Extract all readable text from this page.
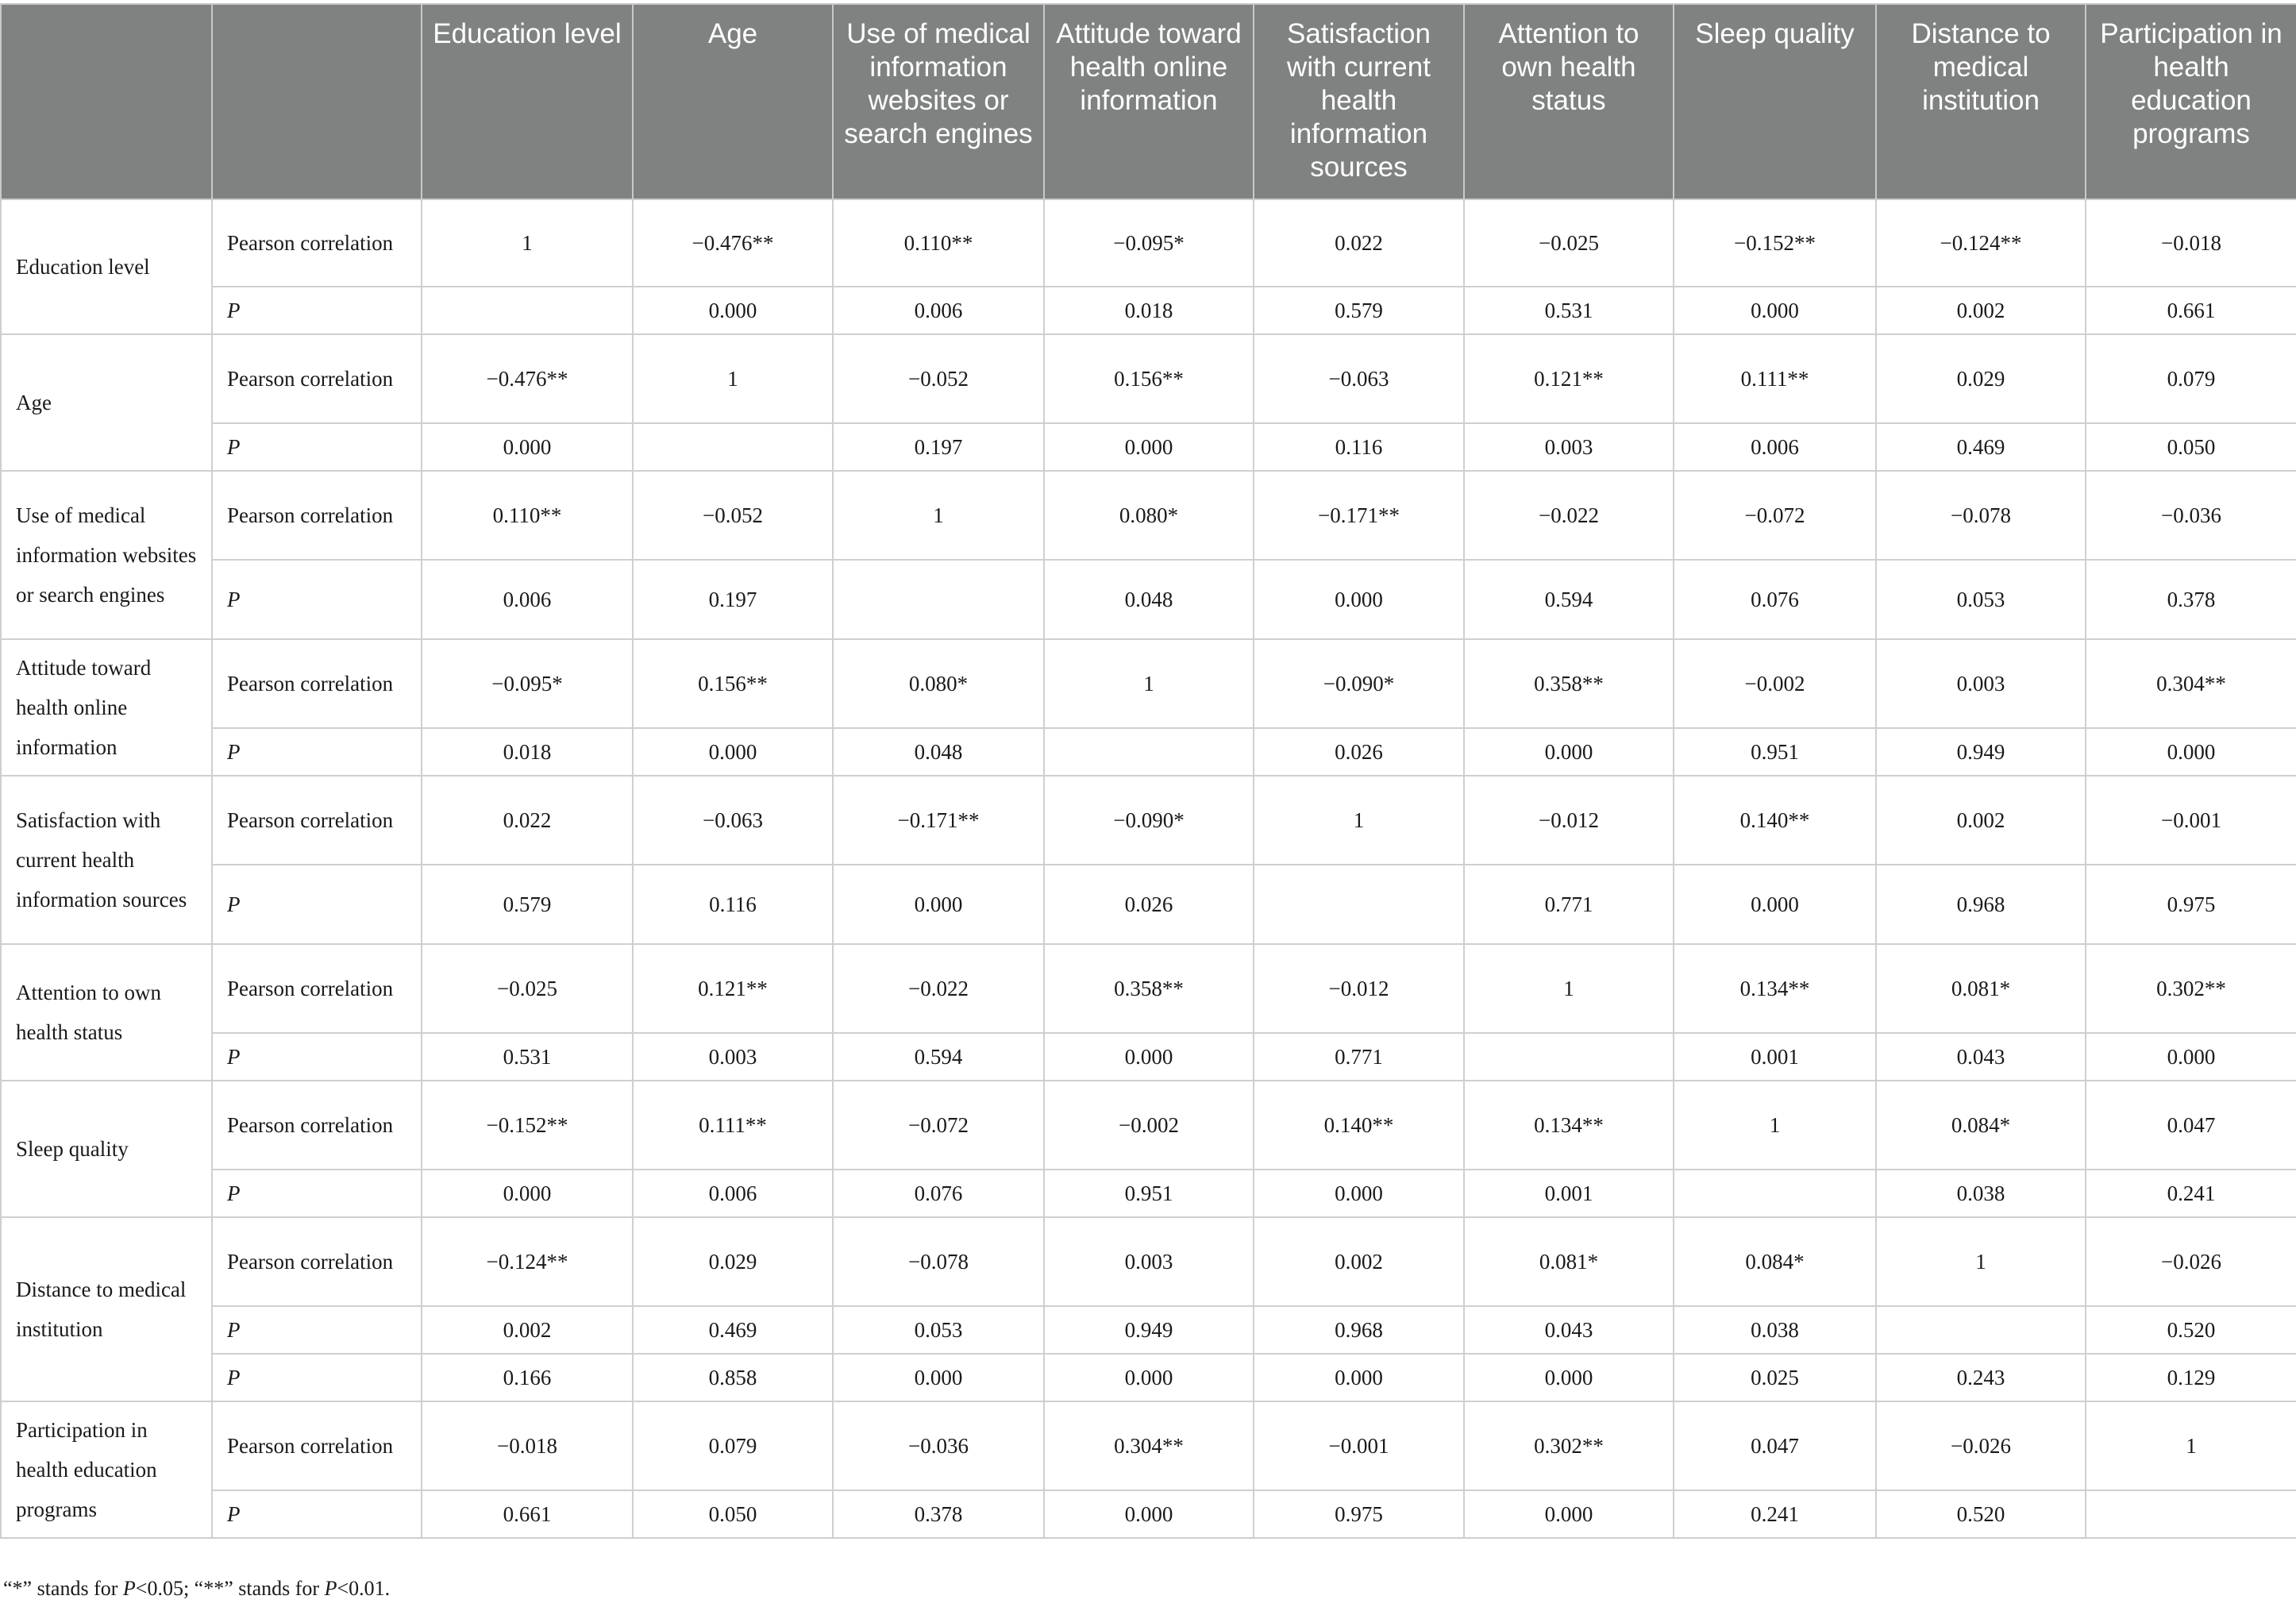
		Education level	Age	Use of medical information websites or search engines	Attitude toward health online information	Satisfaction with current health information sources	Attention to own health status	Sleep quality	Distance to medical institution	Participation in health education programs
Education level	Pearson correlation	1	−0.476**	0.110**	−0.095*	0.022	−0.025	−0.152**	−0.124**	−0.018
	P		0.000	0.006	0.018	0.579	0.531	0.000	0.002	0.661
Age	Pearson correlation	−0.476**	1	−0.052	0.156**	−0.063	0.121**	0.111**	0.029	0.079
	P	0.000		0.197	0.000	0.116	0.003	0.006	0.469	0.050
Use of medical information websites or search engines	Pearson correlation	0.110**	−0.052	1	0.080*	−0.171**	−0.022	−0.072	−0.078	−0.036
	P	0.006	0.197		0.048	0.000	0.594	0.076	0.053	0.378
Attitude toward health online information	Pearson correlation	−0.095*	0.156**	0.080*	1	−0.090*	0.358**	−0.002	0.003	0.304**
	P	0.018	0.000	0.048		0.026	0.000	0.951	0.949	0.000
Satisfaction with current health information sources	Pearson correlation	0.022	−0.063	−0.171**	−0.090*	1	−0.012	0.140**	0.002	−0.001
	P	0.579	0.116	0.000	0.026		0.771	0.000	0.968	0.975
Attention to own health status	Pearson correlation	−0.025	0.121**	−0.022	0.358**	−0.012	1	0.134**	0.081*	0.302**
	P	0.531	0.003	0.594	0.000	0.771		0.001	0.043	0.000
Sleep quality	Pearson correlation	−0.152**	0.111**	−0.072	−0.002	0.140**	0.134**	1	0.084*	0.047
	P	0.000	0.006	0.076	0.951	0.000	0.001		0.038	0.241
Distance to medical institution	Pearson correlation	−0.124**	0.029	−0.078	0.003	0.002	0.081*	0.084*	1	−0.026
	P	0.002	0.469	0.053	0.949	0.968	0.043	0.038		0.520
	P	0.166	0.858	0.000	0.000	0.000	0.000	0.025	0.243	0.129
Participation in health education programs	Pearson correlation	−0.018	0.079	−0.036	0.304**	−0.001	0.302**	0.047	−0.026	1
	P	0.661	0.050	0.378	0.000	0.975	0.000	0.241	0.520	
“*” stands for P<0.05; “**” stands for P<0.01.
